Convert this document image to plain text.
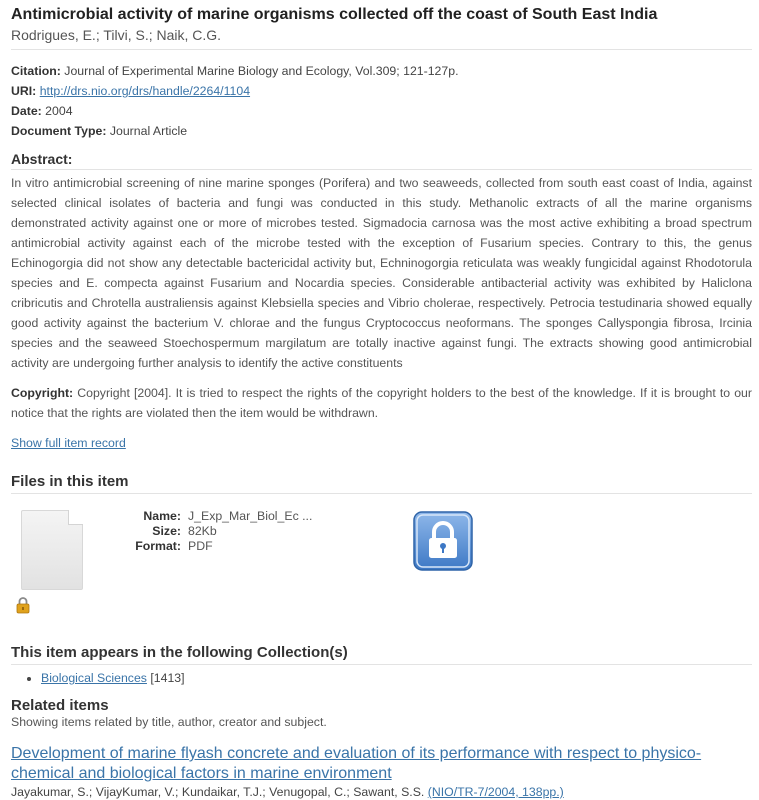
Antimicrobial activity of marine organisms collected off the coast of South East India
Rodrigues, E.; Tilvi, S.; Naik, C.G.
Citation: Journal of Experimental Marine Biology and Ecology, Vol.309; 121-127p.
URI: http://drs.nio.org/drs/handle/2264/1104
Date: 2004
Document Type: Journal Article
Abstract:
In vitro antimicrobial screening of nine marine sponges (Porifera) and two seaweeds, collected from south east coast of India, against selected clinical isolates of bacteria and fungi was conducted in this study. Methanolic extracts of all the marine organisms demonstrated activity against one or more of microbes tested. Sigmadocia carnosa was the most active exhibiting a broad spectrum antimicrobial activity against each of the microbe tested with the exception of Fusarium species. Contrary to this, the genus Echinogorgia did not show any detectable bactericidal activity but, Echninogorgia reticulata was weakly fungicidal against Rhodotorula species and E. compecta against Fusarium and Nocardia species. Considerable antibacterial activity was exhibited by Haliclona cribricutis and Chrotella australiensis against Klebsiella species and Vibrio cholerae, respectively. Petrocia testudinaria showed equally good activity against the bacterium V. chlorae and the fungus Cryptococcus neoformans. The sponges Callyspongia fibrosa, Ircinia species and the seaweed Stoechospermum margilatum are totally inactive against fungi. The extracts showing good antimicrobial activity are undergoing further analysis to identify the active constituents
Copyright: Copyright [2004]. It is tried to respect the rights of the copyright holders to the best of the knowledge. If it is brought to our notice that the rights are violated then the item would be withdrawn.
Show full item record
Files in this item
Name: J_Exp_Mar_Biol_Ec ...
Size: 82Kb
Format: PDF
This item appears in the following Collection(s)
• Biological Sciences [1413]
Related items
Showing items related by title, author, creator and subject.
Development of marine flyash concrete and evaluation of its performance with respect to physico-chemical and biological factors in marine environment
Jayakumar, S.; VijayKumar, V.; Kundaikar, T.J.; Venugopal, C.; Sawant, S.S. (NIO/TR-7/2004, 138pp.)
